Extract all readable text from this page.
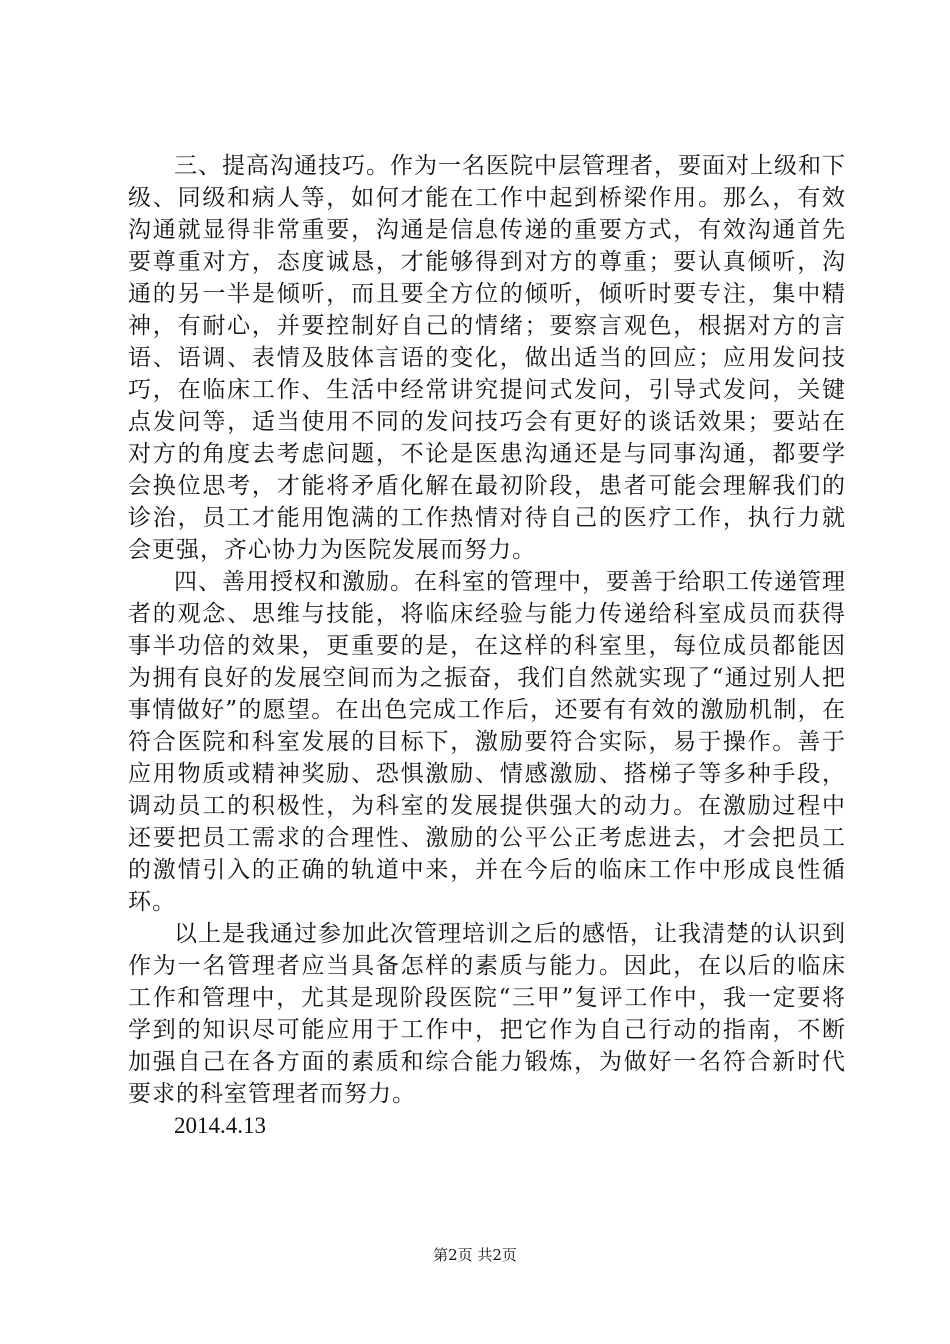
三、提高沟通技巧。作为一名医院中层管理者，要面对上级和下级、同级和病人等，如何才能在工作中起到桥梁作用。那么，有效沟通就显得非常重要，沟通是信息传递的重要方式，有效沟通首先要尊重对方，态度诚恳，才能够得到对方的尊重；要认真倾听，沟通的另一半是倾听，而且要全方位的倾听，倾听时要专注，集中精神，有耐心，并要控制好自己的情绪；要察言观色，根据对方的言语、语调、表情及肢体言语的变化，做出适当的回应；应用发问技巧，在临床工作、生活中经常讲究提问式发问，引导式发问，关键点发问等，适当使用不同的发问技巧会有更好的谈话效果；要站在对方的角度去考虑问题，不论是医患沟通还是与同事沟通，都要学会换位思考，才能将矛盾化解在最初阶段，患者可能会理解我们的诊治，员工才能用饱满的工作热情对待自己的医疗工作，执行力就会更强，齐心协力为医院发展而努力。

四、善用授权和激励。在科室的管理中，要善于给职工传递管理者的观念、思维与技能，将临床经验与能力传递给科室成员而获得事半功倍的效果，更重要的是，在这样的科室里，每位成员都能因为拥有良好的发展空间而为之振奋，我们自然就实现了“通过别人把事情做好”的愿望。在出色完成工作后，还要有有效的激励机制，在符合医院和科室发展的目标下，激励要符合实际，易于操作。善于应用物质或精神奖励、恐惧激励、情感激励、搭梯子等多种手段，调动员工的积极性，为科室的发展提供强大的动力。在激励过程中还要把员工需求的合理性、激励的公平公正考虑进去，才会把员工的激情引入的正确的轨道中来，并在今后的临床工作中形成良性循环。

以上是我通过参加此次管理培训之后的感悟，让我清楚的认识到作为一名管理者应当具备怎样的素质与能力。因此，在以后的临床工作和管理中，尤其是现阶段医院“三甲”复评工作中，我一定要将学到的知识尽可能应用于工作中，把它作为自己行动的指南，不断加强自己在各方面的素质和综合能力锻炼，为做好一名符合新时代要求的科室管理者而努力。

2014.4.13

第2页 共2页
